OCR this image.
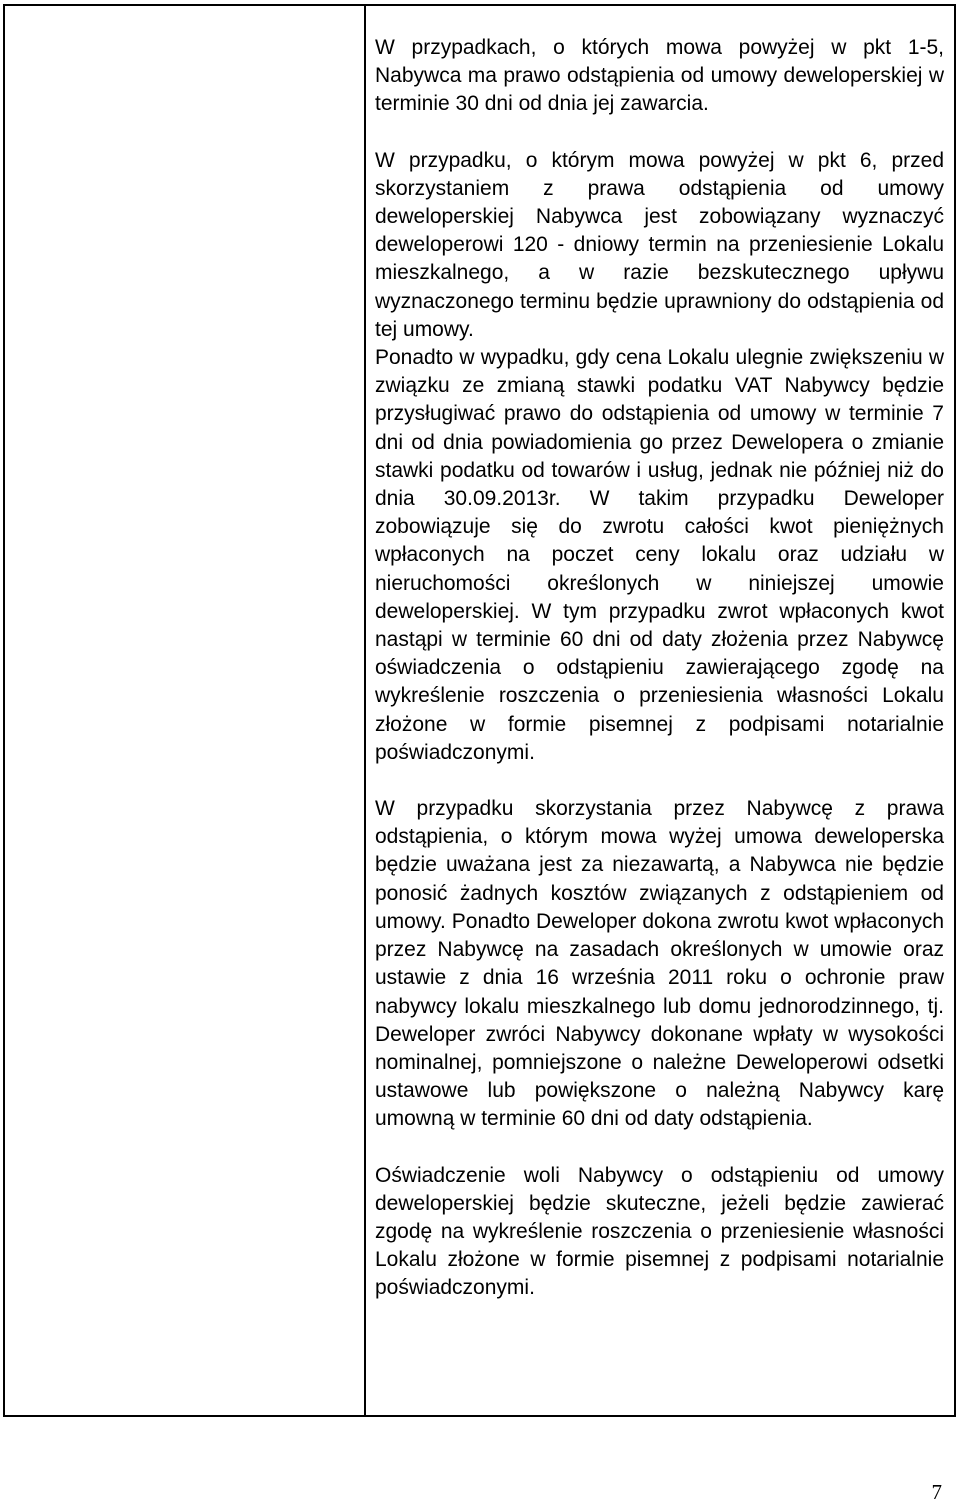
W przypadkach, o których mowa powyżej w pkt 1-5, Nabywca ma prawo odstąpienia od umowy deweloperskiej w terminie 30 dni od dnia jej zawarcia.

W przypadku, o którym mowa powyżej w pkt 6, przed skorzystaniem z prawa odstąpienia od umowy deweloperskiej Nabywca jest zobowiązany wyznaczyć deweloperowi 120 - dniowy termin na przeniesienie Lokalu mieszkalnego, a w razie bezskutecznego upływu wyznaczonego terminu będzie uprawniony do odstąpienia od tej umowy.

Ponadto w wypadku, gdy cena Lokalu ulegnie zwiększeniu w związku ze zmianą stawki podatku VAT Nabywcy będzie przysługiwać prawo do odstąpienia od umowy w terminie 7 dni od dnia powiadomienia go przez Dewelopera o zmianie stawki podatku od towarów i usług, jednak nie później niż do dnia 30.09.2013r. W takim przypadku Deweloper zobowiązuje się do zwrotu całości kwot pieniężnych wpłaconych na poczet ceny lokalu oraz udziału w nieruchomości określonych w niniejszej umowie deweloperskiej. W tym przypadku zwrot wpłaconych kwot nastąpi w terminie 60 dni od daty złożenia przez Nabywcę oświadczenia o odstąpieniu zawierającego zgodę na wykreślenie roszczenia o przeniesienia własności Lokalu złożone w formie pisemnej z podpisami notarialnie poświadczonymi.

W przypadku skorzystania przez Nabywcę z prawa odstąpienia, o którym mowa wyżej umowa deweloperska będzie uważana jest za niezawartą, a Nabywca nie będzie ponosić żadnych kosztów związanych z odstąpieniem od umowy. Ponadto Deweloper dokona zwrotu kwot wpłaconych przez Nabywcę na zasadach określonych w umowie oraz ustawie z dnia 16 września 2011 roku o ochronie praw nabywcy lokalu mieszkalnego lub domu jednorodzinnego, tj. Deweloper zwróci Nabywcy dokonane wpłaty w wysokości nominalnej, pomniejszone o należne Deweloperowi odsetki ustawowe lub powiększone o należną Nabywcy karę umowną w terminie 60 dni od daty odstąpienia.

Oświadczenie woli Nabywcy o odstąpieniu od umowy deweloperskiej będzie skuteczne, jeżeli będzie zawierać zgodę na wykreślenie roszczenia o przeniesienie własności Lokalu złożone w formie pisemnej z podpisami notarialnie poświadczonymi.

7
